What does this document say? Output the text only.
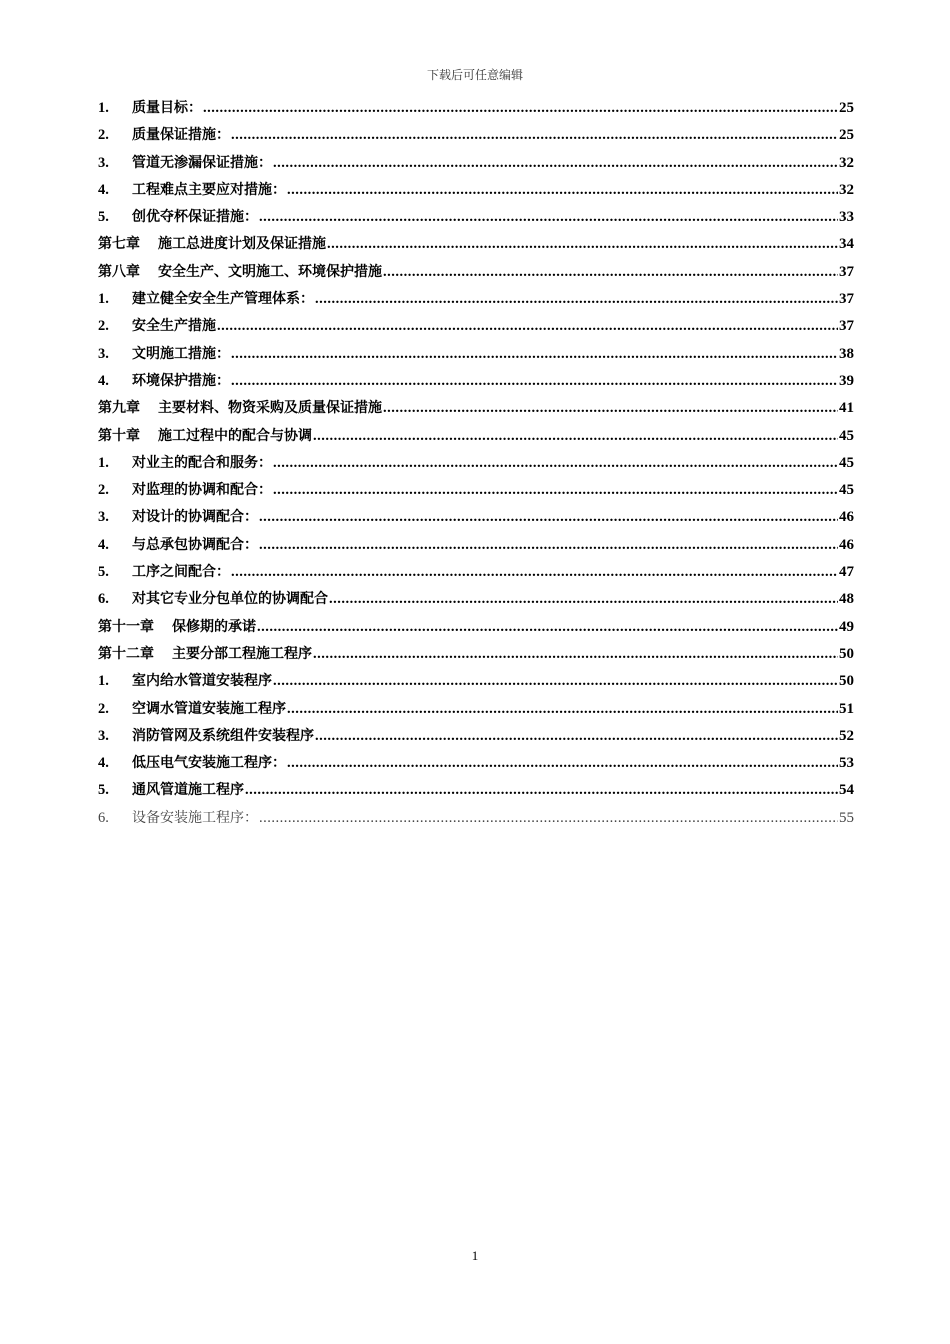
下载后可任意编辑
1.	质量目标： .....	25
2.	质量保证措施： .....	25
3.	管道无渗漏保证措施： .....	32
4.	工程难点主要应对措施： .....	32
5.	创优夺杯保证措施： .....	33
第七章 施工总进度计划及保证措施 .....	34
第八章 安全生产、文明施工、环境保护措施 .....	37
1.	建立健全安全生产管理体系： .....	37
2.	安全生产措施 .....	37
3.	文明施工措施： .....	38
4.	环境保护措施： .....	39
第九章 主要材料、物资采购及质量保证措施 .....	41
第十章 施工过程中的配合与协调 .....	45
1.	对业主的配合和服务： .....	45
2.	对监理的协调和配合： .....	45
3.	对设计的协调配合： .....	46
4.	与总承包协调配合： .....	46
5.	工序之间配合： .....	47
6.	对其它专业分包单位的协调配合 .....	48
第十一章 保修期的承诺 .....	49
第十二章 主要分部工程施工程序 .....	50
1.	室内给水管道安装程序 .....	50
2.	空调水管道安装施工程序 .....	51
3.	消防管网及系统组件安装程序 .....	52
4.	低压电气安装施工程序： .....	53
5.	通风管道施工程序 .....	54
6.	设备安装施工程序： .....	55
1
